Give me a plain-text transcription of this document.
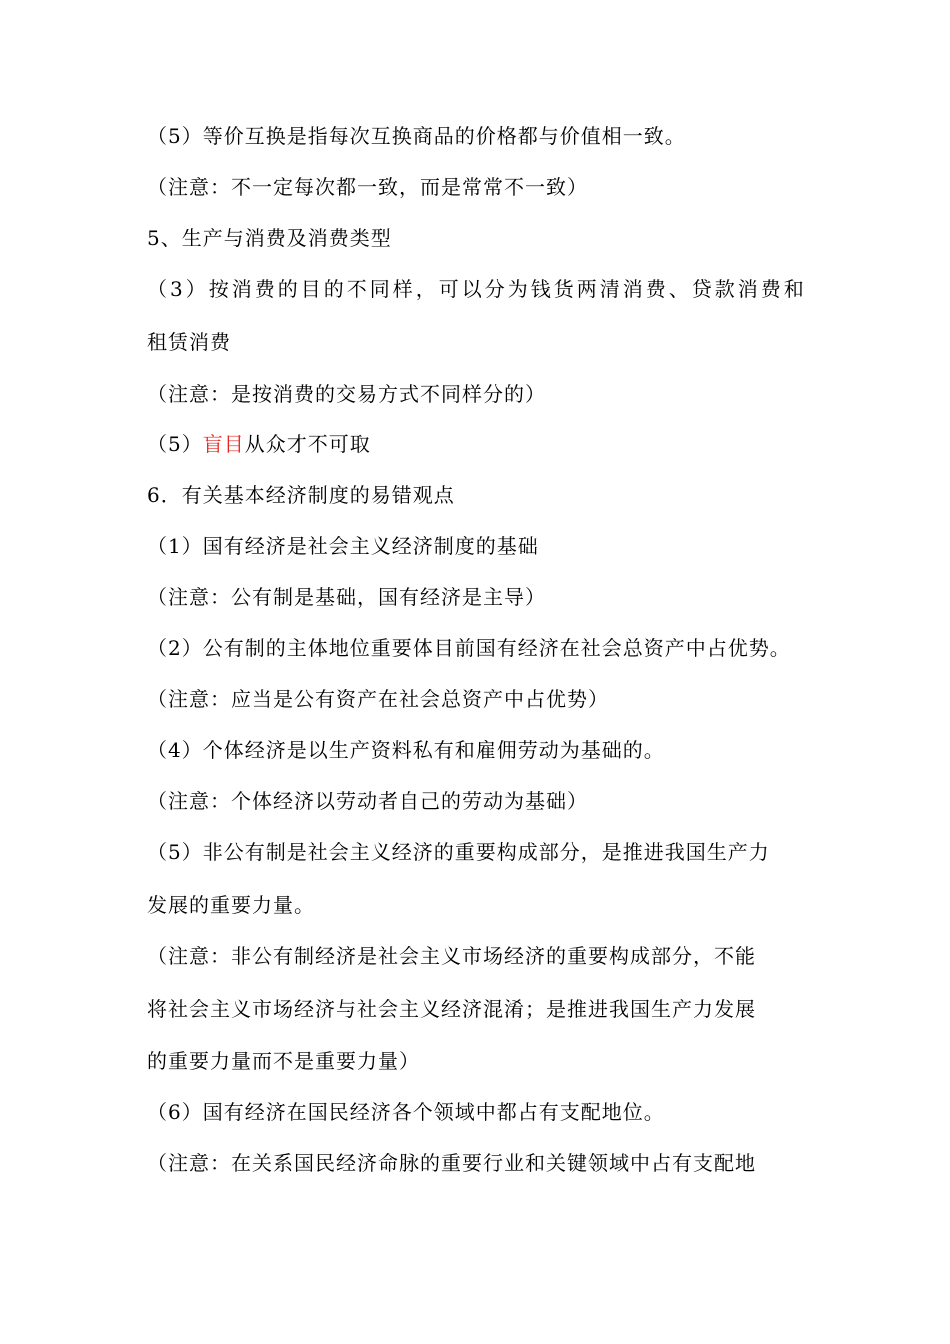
（5）等价互换是指每次互换商品的价格都与价值相一致。
（注意：不一定每次都一致，而是常常不一致）
5、生产与消费及消费类型
（3）按消费的目的不同样，可以分为钱货两清消费、贷款消费和
租赁消费
（注意：是按消费的交易方式不同样分的）
（5）盲目从众才不可取
6．有关基本经济制度的易错观点
（1）国有经济是社会主义经济制度的基础
（注意：公有制是基础，国有经济是主导）
（2）公有制的主体地位重要体目前国有经济在社会总资产中占优势。
（注意：应当是公有资产在社会总资产中占优势）
（4）个体经济是以生产资料私有和雇佣劳动为基础的。
（注意：个体经济以劳动者自己的劳动为基础）
（5）非公有制是社会主义经济的重要构成部分，是推进我国生产力
发展的重要力量。
（注意：非公有制经济是社会主义市场经济的重要构成部分，不能
将社会主义市场经济与社会主义经济混淆；是推进我国生产力发展
的重要力量而不是重要力量）
（6）国有经济在国民经济各个领域中都占有支配地位。
（注意：在关系国民经济命脉的重要行业和关键领域中占有支配地
